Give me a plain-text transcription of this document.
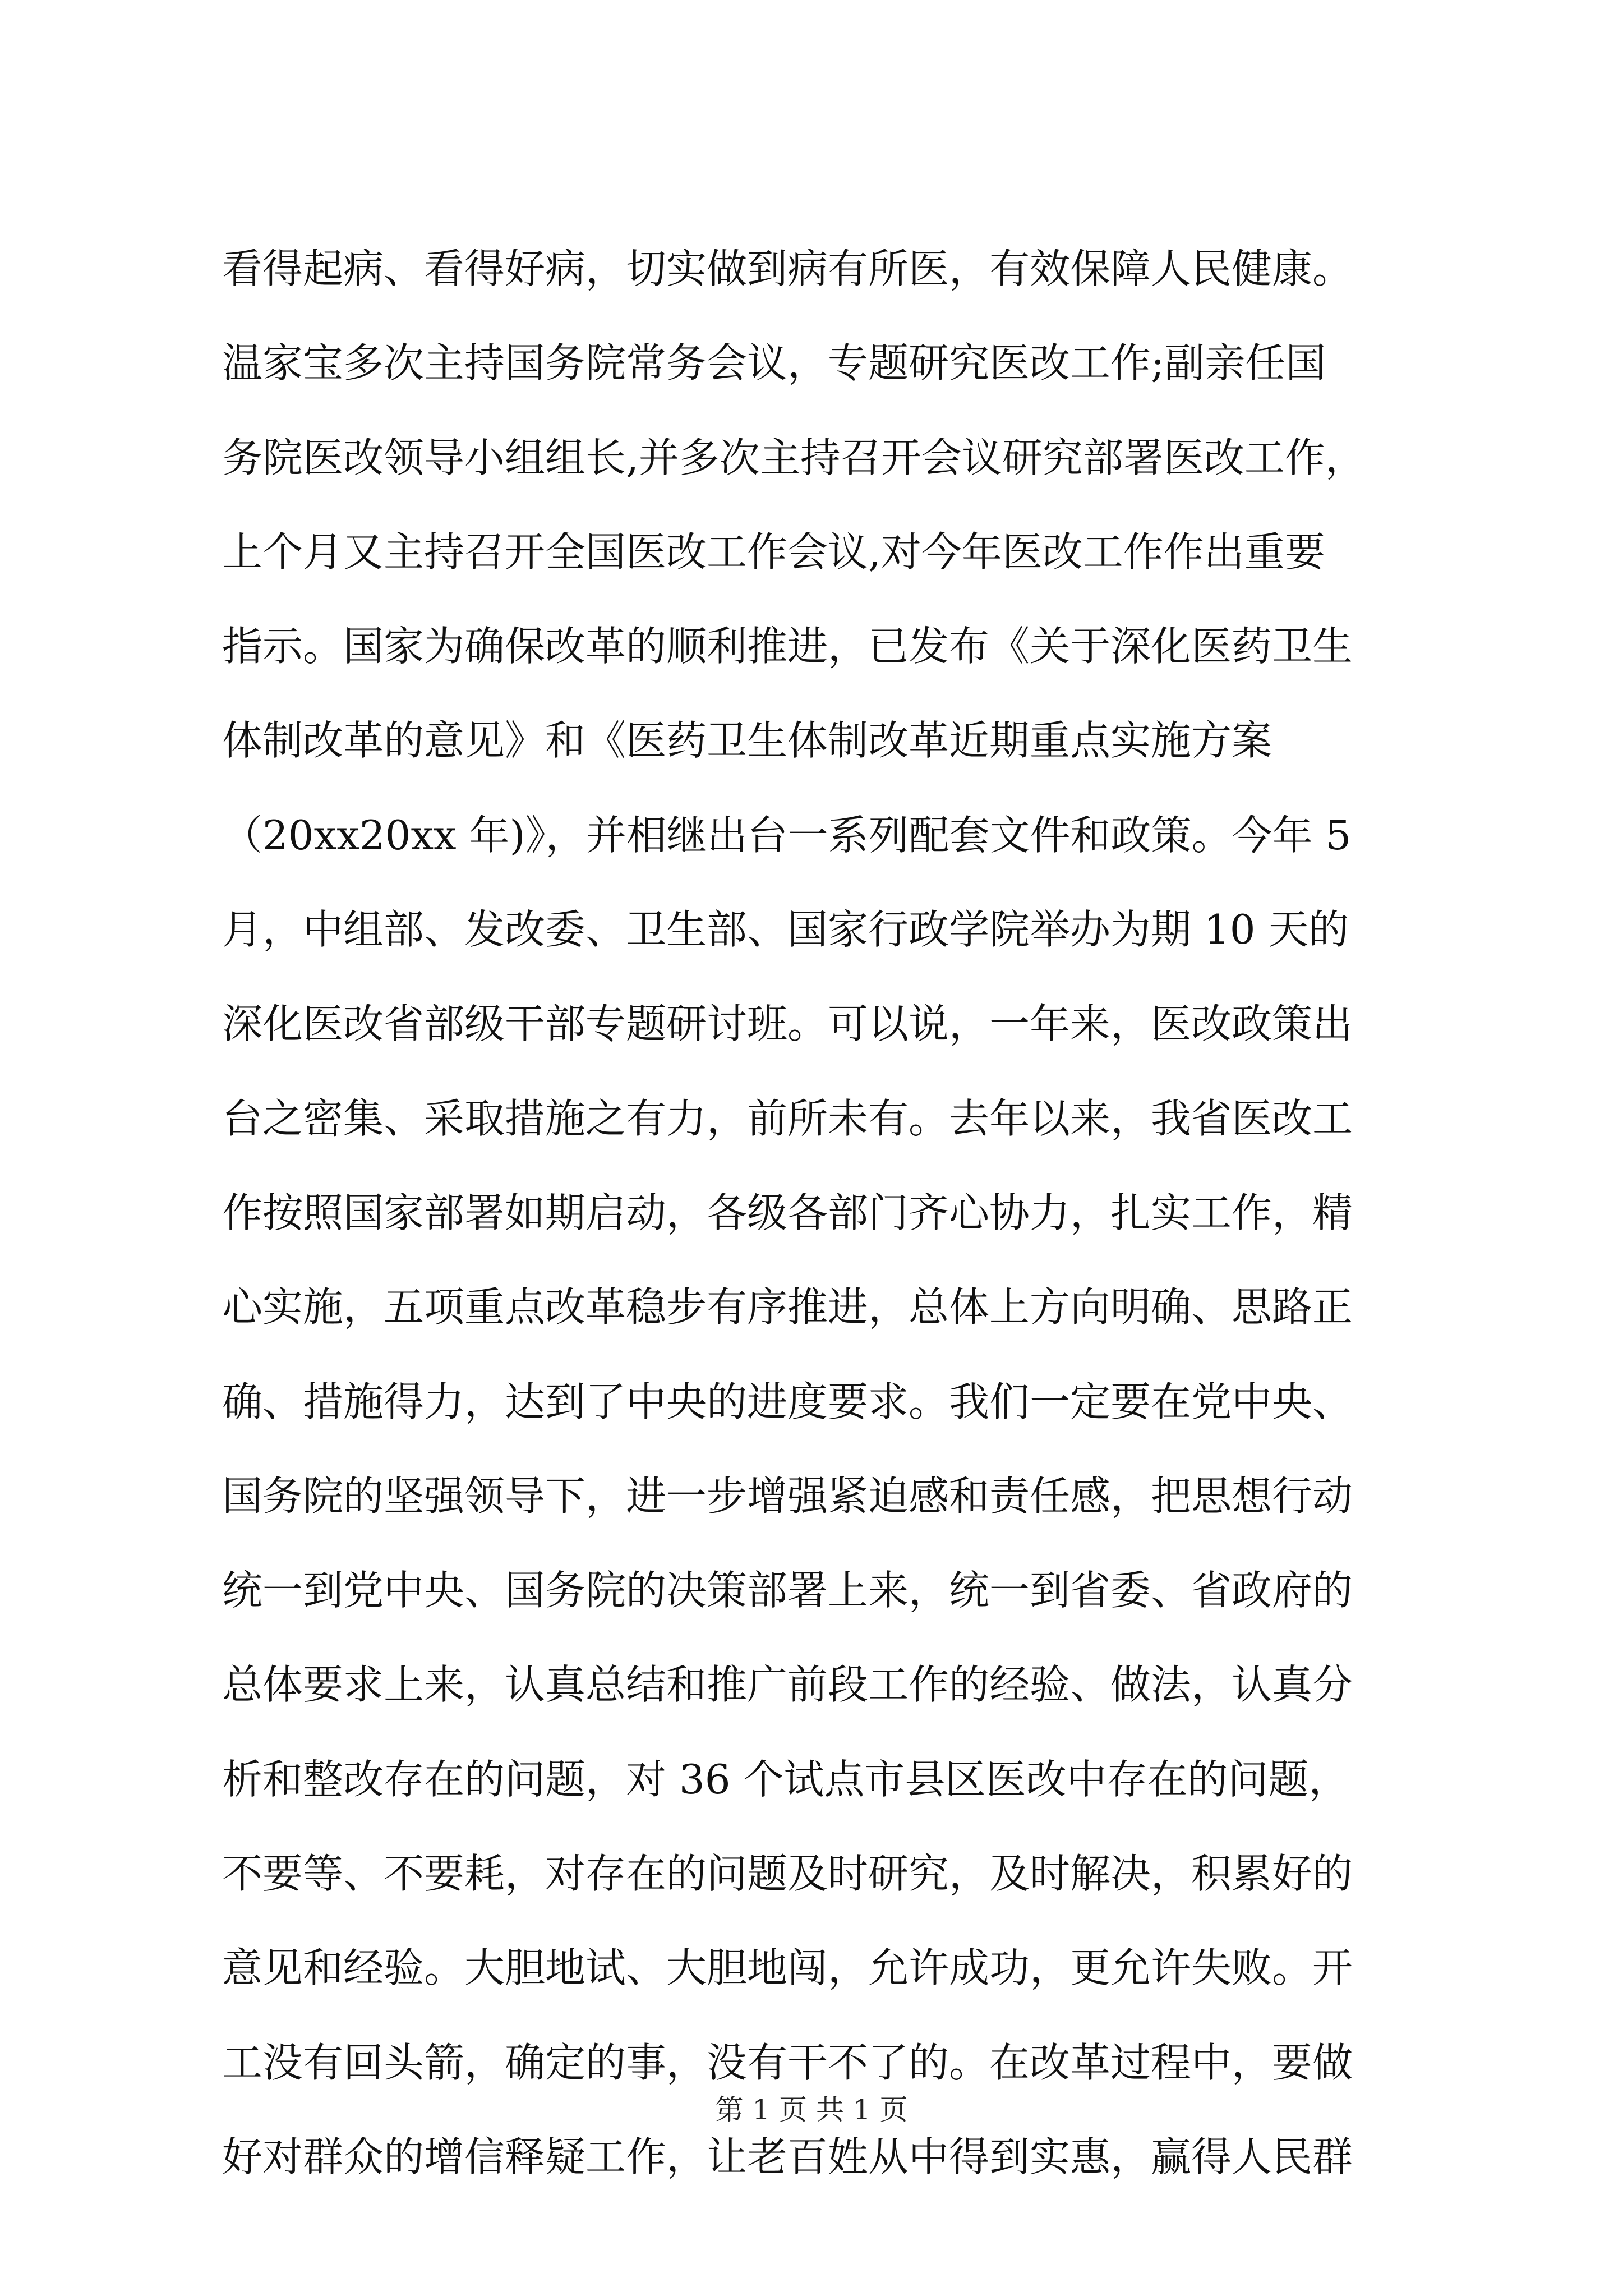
看得起病、看得好病，切实做到病有所医，有效保障人民健康。
温家宝多次主持国务院常务会议，专题研究医改工作;副亲任国
务院医改领导小组组长,并多次主持召开会议研究部署医改工作，
上个月又主持召开全国医改工作会议,对今年医改工作作出重要
指示。国家为确保改革的顺利推进，已发布《关于深化医药卫生
体制改革的意见》和《医药卫生体制改革近期重点实施方案
（20xx20xx 年)》，并相继出台一系列配套文件和政策。今年 5
月，中组部、发改委、卫生部、国家行政学院举办为期 10 天的
深化医改省部级干部专题研讨班。可以说，一年来，医改政策出
台之密集、采取措施之有力，前所未有。去年以来，我省医改工
作按照国家部署如期启动，各级各部门齐心协力，扎实工作，精
心实施，五项重点改革稳步有序推进，总体上方向明确、思路正
确、措施得力，达到了中央的进度要求。我们一定要在党中央、
国务院的坚强领导下，进一步增强紧迫感和责任感，把思想行动
统一到党中央、国务院的决策部署上来，统一到省委、省政府的
总体要求上来，认真总结和推广前段工作的经验、做法，认真分
析和整改存在的问题，对 36 个试点市县区医改中存在的问题，
不要等、不要耗，对存在的问题及时研究，及时解决，积累好的
意见和经验。大胆地试、大胆地闯，允许成功，更允许失败。开
工没有回头箭，确定的事，没有干不了的。在改革过程中，要做
好对群众的增信释疑工作，让老百姓从中得到实惠，赢得人民群
第 1 页 共 1 页
